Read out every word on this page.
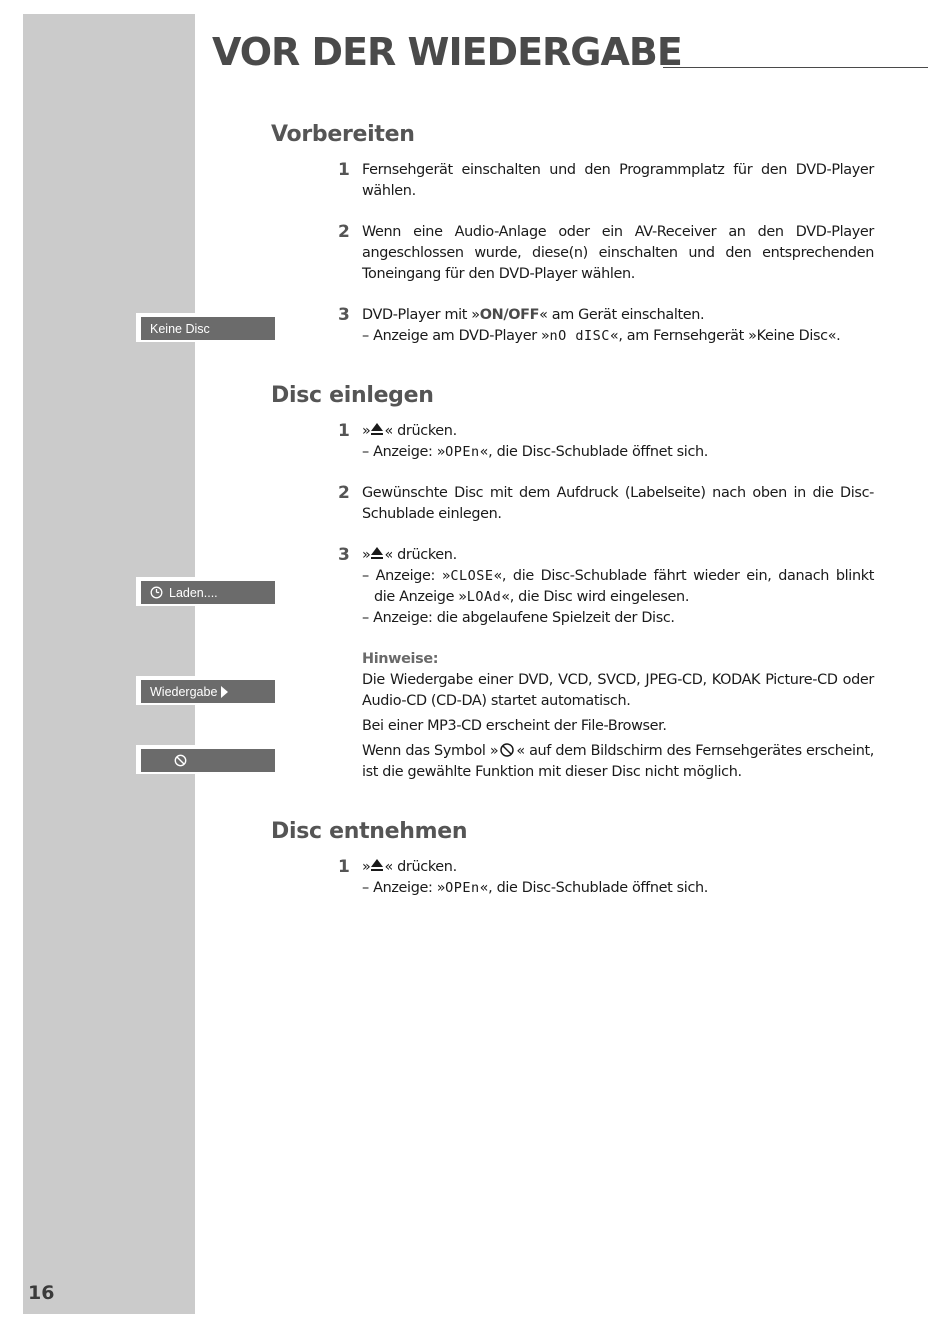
16
VOR DER WIEDERGABE
Vorbereiten
1 Fernsehgerät einschalten und den Programmplatz für den DVD-Player wählen.
2 Wenn eine Audio-Anlage oder ein AV-Receiver an den DVD-Player angeschlossen wurde, diese(n) einschalten und den entsprechenden Toneingang für den DVD-Player wählen.
3 DVD-Player mit »ON/OFF« am Gerät einschalten.
– Anzeige am DVD-Player »nO dISC«, am Fernsehgerät »Keine Disc«.
Disc einlegen
1 » « drücken.
– Anzeige: »OPEn«, die Disc-Schublade öffnet sich.
2 Gewünschte Disc mit dem Aufdruck (Labelseite) nach oben in die Disc-Schublade einlegen.
3 » « drücken.
– Anzeige: »CLOSE«, die Disc-Schublade fährt wieder ein, danach blinkt die Anzeige »LOAd«, die Disc wird eingelesen.
– Anzeige: die abgelaufene Spielzeit der Disc.
Hinweise:
Die Wiedergabe einer DVD, VCD, SVCD, JPEG-CD, KODAK Picture-CD oder Audio-CD (CD-DA) startet automatisch.
Bei einer MP3-CD erscheint der File-Browser.
Wenn das Symbol » « auf dem Bildschirm des Fernsehgerätes erscheint, ist die gewählte Funktion mit dieser Disc nicht möglich.
Disc entnehmen
1 » « drücken.
– Anzeige: »OPEn«, die Disc-Schublade öffnet sich.
Keine Disc
Laden....
Wiedergabe
